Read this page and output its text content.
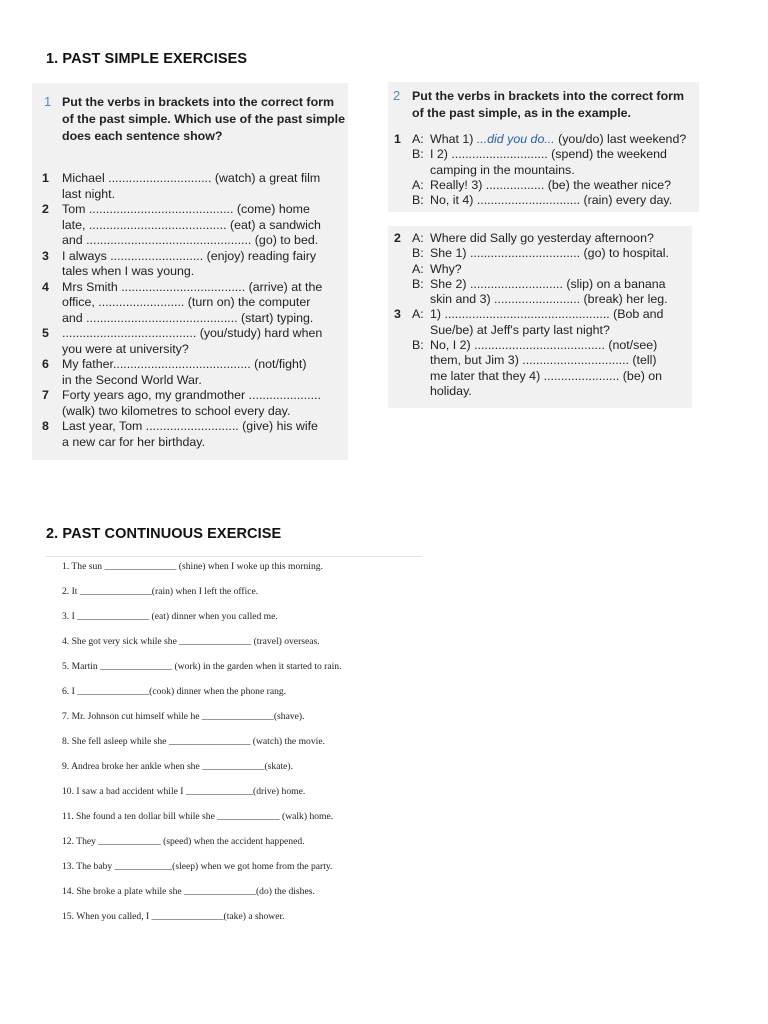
1. PAST SIMPLE EXERCISES
1 Put the verbs in brackets into the correct form of the past simple. Which use of the past simple does each sentence show?
1	Michael .............................. (watch) a great film
last night.
2	Tom .......................................... (come) home
late, ........................................ (eat) a sandwich
and ................................................ (go) to bed.
3	I always ........................... (enjoy) reading fairy
tales when I was young.
4	Mrs Smith .................................... (arrive) at the
office, ......................... (turn on) the computer
and ............................................ (start) typing.
5	....................................... (you/study) hard when
you were at university?
6	My father........................................ (not/fight)
in the Second World War.
7	Forty years ago, my grandmother .....................
(walk) two kilometres to school every day.
8	Last year, Tom ........................... (give) his wife
a new car for her birthday.
2 Put the verbs in brackets into the correct form of the past simple, as in the example.
1 A: What 1) ...did you do... (you/do) last weekend?
B: I 2) ............................ (spend) the weekend
camping in the mountains.
A: Really! 3) ................. (be) the weather nice?
B: No, it 4) .............................. (rain) every day.
2 A: Where did Sally go yesterday afternoon?
B: She 1) ................................ (go) to hospital.
A: Why?
B: She 2) ........................... (slip) on a banana
skin and 3) ......................... (break) her leg.
3 A: 1) ................................................ (Bob and
Sue/be) at Jeff's party last night?
B: No, I 2) ...................................... (not/see)
them, but Jim 3) ............................... (tell)
me later that they 4) ...................... (be) on
holiday.
2. PAST CONTINUOUS EXERCISE
1. The sun _______________ (shine) when I woke up this morning.
2. It _______________(rain) when I left the office.
3. I _______________ (eat) dinner when you called me.
4. She got very sick while she _______________ (travel) overseas.
5. Martin _______________ (work) in the garden when it started to rain.
6. I _______________(cook) dinner when the phone rang.
7. Mr. Johnson cut himself while he _______________(shave).
8. She fell asleep while she _________________ (watch) the movie.
9. Andrea broke her ankle when she _____________(skate).
10. I saw a bad accident while I ______________(drive) home.
11. She found a ten dollar bill while she _____________ (walk) home.
12. They _____________ (speed) when the accident happened.
13. The baby ____________(sleep) when we got home from the party.
14. She broke a plate while she _______________(do) the dishes.
15. When you called, I _______________(take) a shower.
